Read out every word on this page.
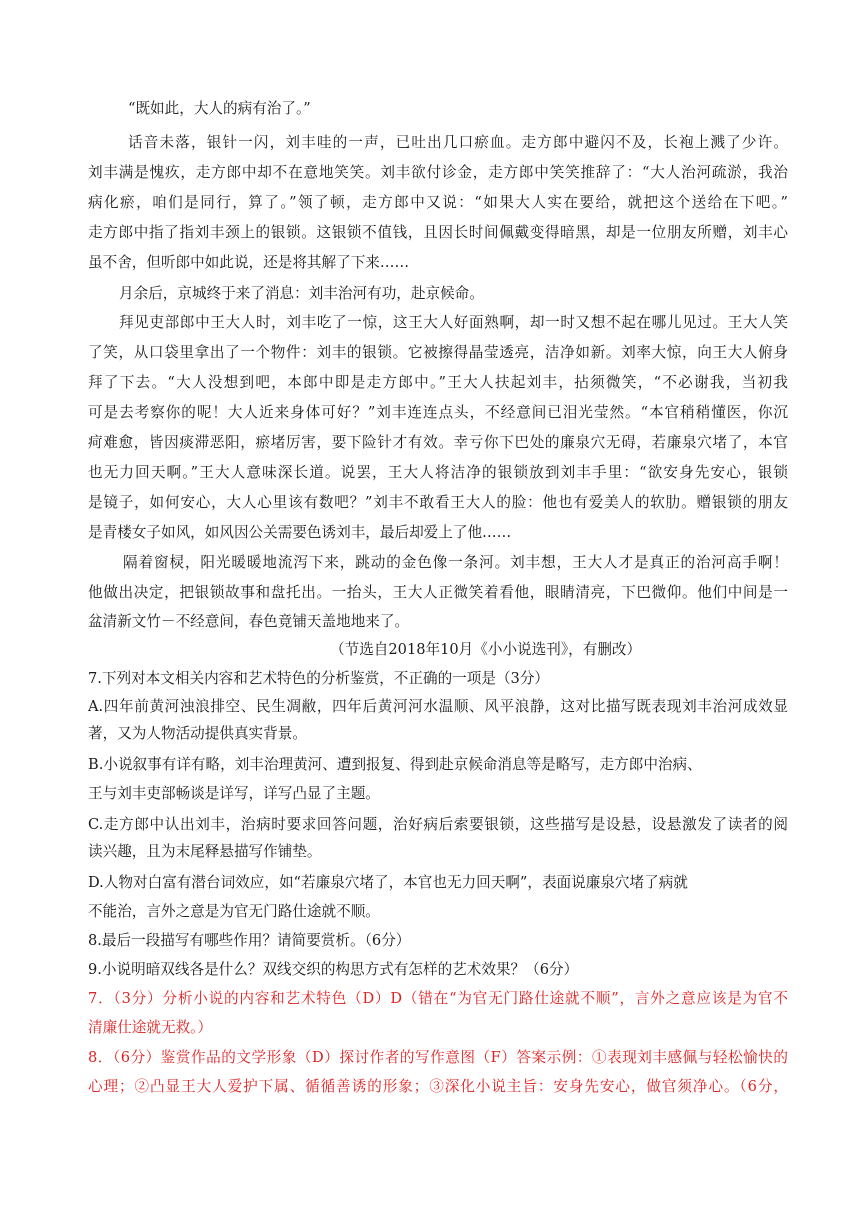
“既如此，大人的病有治了。”
话音未落，银针一闪，刘丰哇的一声，已吐出几口瘀血。走方郎中避闪不及，长袍上溅了少许。
刘丰满是愧疚，走方郎中却不在意地笑笑。刘丰欲付诊金，走方郎中笑笑推辞了：“大人治河疏淤，我治
病化瘀，咱们是同行，算了。”领了顿，走方郎中又说：“如果大人实在要给，就把这个送给在下吧。”
走方郎中指了指刘丰颈上的银锁。这银锁不值钱，且因长时间佩戴变得暗黑，却是一位朋友所赠，刘丰心
虽不舍，但听郎中如此说，还是将其解了下来……
月余后，京城终于来了消息：刘丰治河有功，赴京候命。
拜见吏部郎中王大人时，刘丰吃了一惊，这王大人好面熟啊，却一时又想不起在哪儿见过。王大人笑
了笑，从口袋里拿出了一个物件：刘丰的银锁。它被擦得晶莹透亮，洁净如新。刘率大惊，向王大人俯身
拜了下去。“大人没想到吧，本郎中即是走方郎中。”王大人扶起刘丰，拈须微笑，“不必谢我，当初我
可是去考察你的呢！大人近来身体可好？”刘丰连连点头，不经意间已泪光莹然。“本官稍稍懂医，你沉
疴难愈，皆因痰滞恶阳，瘀堵厉害，要下险针才有效。幸亏你下巴处的廉泉穴无碍，若廉泉穴堵了，本官
也无力回天啊。”王大人意味深长道。说罢，王大人将洁净的银锁放到刘丰手里：“欲安身先安心，银锁
是镜子，如何安心，大人心里该有数吧？”刘丰不敢看王大人的脸：他也有爱美人的软肋。赠银锁的朋友
是青楼女子如风，如风因公关需要色诱刘丰，最后却爱上了他……
隔着窗棂，阳光暖暖地流泻下来，跳动的金色像一条河。刘丰想，王大人才是真正的治河高手啊！
他做出决定，把银锁故事和盘托出。一抬头，王大人正微笑着看他，眼睛清亮，下巴微仰。他们中间是一
盆清新文竹－不经意间，春色竟铺天盖地地来了。
（节选自2018年10月《小小说选刊》，有删改）
7.下列对本文相关内容和艺术特色的分析鉴赏，不正确的一项是（3分）
A.四年前黄河浊浪排空、民生凋敝，四年后黄河河水温顺、风平浪静，这对比描写既表现刘丰治河成效显
著，又为人物活动提供真实背景。
B.小说叙事有详有略，刘丰治理黄河、遭到报复、得到赴京候命消息等是略写，走方郎中治病、
王与刘丰吏部畅谈是详写，详写凸显了主题。
C.走方郎中认出刘丰，治病时要求回答问题，治好病后索要银锁，这些描写是设悬，设悬激发了读者的阅
读兴趣，且为末尾释悬描写作铺垫。
D.人物对白富有潜台词效应，如“若廉泉穴堵了，本官也无力回天啊”，表面说廉泉穴堵了病就
不能治，言外之意是为官无门路仕途就不顺。
8.最后一段描写有哪些作用？请简要赏析。（6分）
9.小说明暗双线各是什么？双线交织的构思方式有怎样的艺术效果？（6分）
7．（3分）分析小说的内容和艺术特色（D）D（错在“为官无门路仕途就不顺”，言外之意应该是为官不
清廉仕途就无救。）
8．（6分）鉴赏作品的文学形象（D）探讨作者的写作意图（F）答案示例：①表现刘丰感佩与轻松愉快的
心理；②凸显王大人爱护下属、循循善诱的形象；③深化小说主旨：安身先安心，做官须净心。（6分，
